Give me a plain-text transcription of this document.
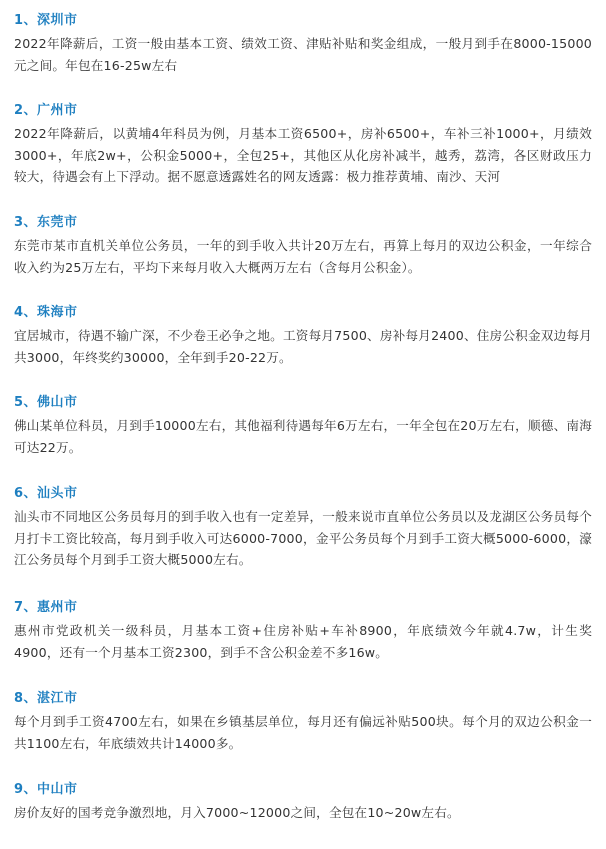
1、深圳市
2022年降薪后，工资一般由基本工资、绩效工资、津贴补贴和奖金组成，一般月到手在8000-15000元之间。年包在16-25w左右
2、广州市
2022年降薪后，以黄埔4年科员为例，月基本工资6500+，房补6500+，车补三补1000+，月绩效3000+，年底2w+，公积金5000+，全包25+，其他区从化房补减半，越秀，荔湾，各区财政压力较大，待遇会有上下浮动。据不愿意透露姓名的网友透露：极力推荐黄埔、南沙、天河
3、东莞市
东莞市某市直机关单位公务员，一年的到手收入共计20万左右，再算上每月的双边公积金，一年综合收入约为25万左右，平均下来每月收入大概两万左右（含每月公积金）。
4、珠海市
宜居城市，待遇不输广深，不少卷王必争之地。工资每月7500、房补每月2400、住房公积金双边每月共3000，年终奖约30000，全年到手20-22万。
5、佛山市
佛山某单位科员，月到手10000左右，其他福利待遇每年6万左右，一年全包在20万左右，顺德、南海可达22万。
6、汕头市
汕头市不同地区公务员每月的到手收入也有一定差异，一般来说市直单位公务员以及龙湖区公务员每个月打卡工资比较高，每月到手收入可达6000-7000，金平公务员每个月到手工资大概5000-6000，濠江公务员每个月到手工资大概5000左右。
7、惠州市
惠州市党政机关一级科员，月基本工资+住房补贴+车补8900，年底绩效今年就4.7w，计生奖4900，还有一个月基本工资2300，到手不含公积金差不多16w。
8、湛江市
每个月到手工资4700左右，如果在乡镇基层单位，每月还有偏远补贴500块。每个月的双边公积金一共1100左右，年底绩效共计14000多。
9、中山市
房价友好的国考竞争激烈地，月入7000~12000之间，全包在10~20w左右。
